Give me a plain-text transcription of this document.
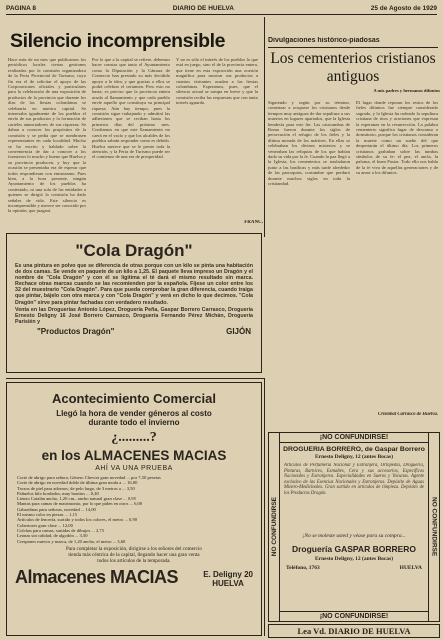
PAGINA 8	DIARIO DE HUELVA	25 de Agosto de 1929
Silencio incomprensible
Hace más de un mes que publicamos los periódicos locales ciertas gestiones realizadas por la comisión organizadora de la Feria Provincial de Turismo, cuyo fin era el de solicitar el apoyo de las Corporaciones oficiales y particulares para la celebración de una exposición de productos de la provincia que durante los días de las fiestas colombinas se celebraría en nuestra capital. Se interesaba igualmente de los pueblos el envío de sus productos y la formación de carteles anunciadores de sus riquezas. Se daban a conocer los propósitos de la comisión y se pedía que se nombrasen representantes en cada localidad. Mucho se ha escrito y hablado sobre la conveniencia de dar a conocer a los forasteros lo mucho y bueno que Huelva y su provincia producen, y hoy que la ocasión se presentaba era de esperar que todos respondieran con entusiasmo. Pues bien, a la hora presente, ningún Ayuntamiento de los pueblos ha contestado, ni una sola de las entidades a quienes se dirigió la comisión ha dado señales de vida. Este silencio es incomprensible y merece ser conocido por la opinión, que juzgará.
Por lo que a la capital se refiere, debemos hacer constar que tanto el Ayuntamiento como la Diputación y la Cámara de Comercio han prestado su más decidido apoyo a la idea, y que gracias a ellos se podrá celebrar el certamen. Pero esto no basta; es preciso que la provincia entera acuda al llamamiento y que cada pueblo envíe aquello que constituya su principal riqueza. Aún hay tiempo, pues la comisión sigue trabajando y admitirá las adhesiones que se reciban hasta los primeros días del próximo mes. Confiamos en que este llamamiento no caerá en el vacío y que los alcaldes de los pueblos sabrán responder como es debido. Huelva merece que se le preste toda la atención, y la Feria de Turismo puede ser el comienzo de una era de prosperidad.
Y no es sólo el interés de los pueblos lo que está en juego, sino el de la provincia entera, que tiene en esta exposición una ocasión magnífica para mostrar sus productos a cuantos visitantes acudan a las fiestas colombinas. Esperamos, pues, que el silencio actual se rompa en breve y que la comisión reciba las respuestas que con tanto interés aguarda.
FRANC.
Divulgaciones histórico-piadosas
Los cementerios cristianos antiguos
A mis padres y hermanos difuntos
Siguiendo y según por su término, comenzar a ocuparse los cristianos desde tiempos muy antiguos de dar sepultura a sus muertos en lugares apartados, que la Iglesia bendecía para este fin. Las catacumbas de Roma fueron durante los siglos de persecución el refugio de los fieles y la última morada de los mártires. En ellas se celebraban los divinos misterios y se veneraban las reliquias de los que habían dado su vida por la fe. Cuando la paz llegó a la Iglesia, los cementerios se trasladaron junto a las basílicas y más tarde alrededor de las parroquias, costumbre que perduró durante muchos siglos en toda la cristiandad.
El lugar donde reposan los restos de los fieles difuntos fue siempre considerado sagrado, y la Iglesia ha rodeado la sepultura cristiana de ritos y oraciones que expresan la esperanza en la resurrección. La palabra cementerio significa lugar de descanso o dormitorio, porque los cristianos consideran la muerte como un sueño del que despertarán el último día. Los primeros cristianos grababan sobre las tumbas símbolos de su fe: el pez, el ancla, la paloma, el buen Pastor. Todo ello nos habla de la fe viva de aquellas generaciones y de su amor a los difuntos.
Cristóbal Carrasco de Huelva.
"Cola Dragón"
Es una pintura en polvo que se diferencia de otras porque con un kilo se pinta una habitación de dos camas. Se vende en paquete de un kilo a 1,25. El paquete lleva impreso un Dragón y el nombre de "Cola Dragón" y con él se ligitima el té dará el mismo resultado sin marca. Rechace otras marcas cuando se las recomienden por la española. Fíjese un color entre los 32 del muestrario "Cola Dragón". Para que pueda comprobar la gran diferencia, cuando traiga que pintar, bájelo con otra marca y con "Cola Dragón" y verá en dicho lo que decimos. "Cola Dragón" sirve para pintar fachadas con verdadero resultado.
Venta en las Droguerías Antonio López, Droguería Peña, Gaspar Borrero Carrasco, Droguería Ernesto Deligny 16 José Borrero Carrasco, Droguería Fernando Pérez Michán, Droguería Parisién y
"Productos Dragón"	GIJÓN
Acontecimiento Comercial
Llegó la hora de vender géneros al costo
durante todo el invierno
¿.........?
en los ALMACENES MACIAS
AHÍ VA UNA PRUEBA
Corte de abrigo para señora, Género Cheviot gran novedad ... por 7,50 pesetas
Corte de abrigo en novedad doble de última gran moda a ... 16,00
Trozos de piel para adornos, de pelo largo, de 3 metros a ... 3,50
Pañuelos hilo bordados, muy bonitos ... 0,40
Lienzo Catalán ancho, 1,20 cm., ancho natural gran clase ... 0,95
Mantas para camas de matrimonio, por lo que piden en otros ... 6,00
Gabardinas para señoras, novedad ... 14,00
El mismo color en piezas ... 1,15
Artículos de lencería, surtido y todos los colores, el metro ... 0,90
Cobertores gran clase ... 12,00
Colchas para camas, surtidas de dibujos ... 2,75
Leonas sin calidad, de algodón ... 3,50
Crespones nuevos y marca, de 1,20 ancho, el metro ... 3,60
Para completar la exposición, dirigirse a los señores del comercio
tienda más céntrica de la capital, llegando hacer una gran venta
todos los artículos de la temporada.
Almacenes MACIAS	E. Deligny 20
HUELVA
NO CONFUNDIRSE	NO CONFUNDIRSE
¡NO CONFUNDIRSE!
DROGUERIA BORRERO, de Gaspar Borrero
Ernesto Deligny, 12 (antes Bocas)
Artículos de Perfumería Nacional y Extranjera, Ortopedia, Droguería, Pinturas, Barnices, Esmaltes, Cera y sus accesorios, Específicos Nacionales y Extranjeros. Especialidades en Sueros y Vacunas. Agente exclusivo de las Esencias Nacionales y Extranjeras. Depósito de Aguas Minero-Medicinales. Gran surtido en artículos de limpieza. Depósito de los Productos Dragón.
¡No se moleste usted y véase para su compra...
Droguería GASPAR BORRERO
Ernesto Deligny, 12 (antes Bocas)
Teléfono, 1763	HUELVA
¡NO CONFUNDIRSE!
Lea Vd. DIARIO DE HUELVA
